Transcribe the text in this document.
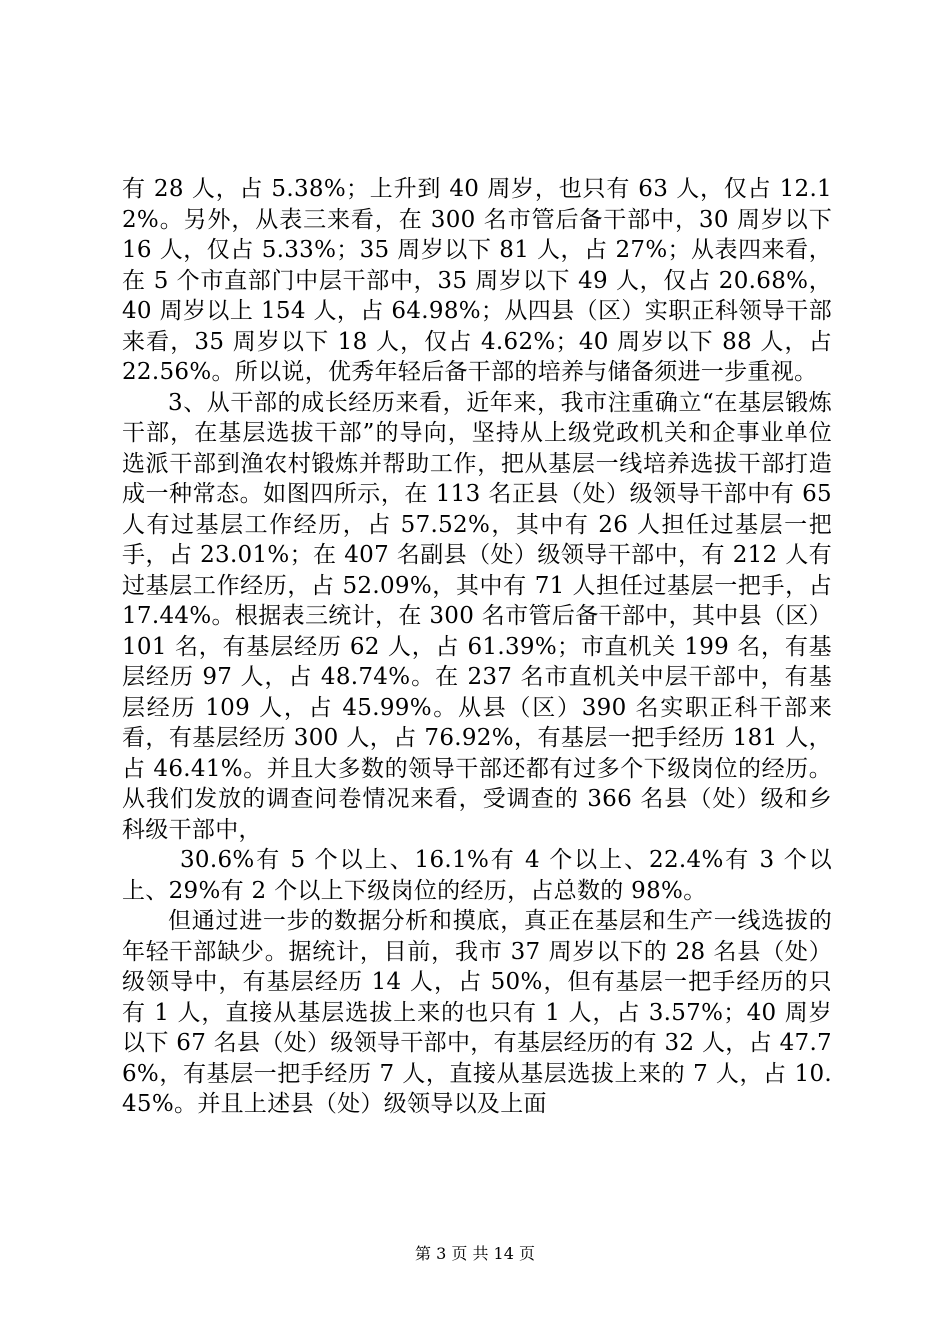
有 28 人，占 5.38%；上升到 40 周岁，也只有 63 人，仅占 12.12%。另外，从表三来看，在 300 名市管后备干部中，30 周岁以下 16 人，仅占 5.33%；35 周岁以下 81 人，占 27%；从表四来看，在 5 个市直部门中层干部中，35 周岁以下 49 人，仅占 20.68%，40 周岁以上 154 人，占 64.98%；从四县（区）实职正科领导干部来看，35 周岁以下 18 人，仅占 4.62%；40 周岁以下 88 人，占 22.56%。所以说，优秀年轻后备干部的培养与储备须进一步重视。

3、从干部的成长经历来看，近年来，我市注重确立“在基层锻炼干部，在基层选拔干部”的导向，坚持从上级党政机关和企事业单位选派干部到渔农村锻炼并帮助工作，把从基层一线培养选拔干部打造成一种常态。如图四所示，在 113 名正县（处）级领导干部中有 65 人有过基层工作经历，占 57.52%，其中有 26 人担任过基层一把手，占 23.01%；在 407 名副县（处）级领导干部中，有 212 人有过基层工作经历，占 52.09%，其中有 71 人担任过基层一把手，占 17.44%。根据表三统计，在 300 名市管后备干部中，其中县（区）101 名，有基层经历 62 人，占 61.39%；市直机关 199 名，有基层经历 97 人，占 48.74%。在 237 名市直机关中层干部中，有基层经历 109 人，占 45.99%。从县（区）390 名实职正科干部来看，有基层经历 300 人，占 76.92%，有基层一把手经历 181 人，占 46.41%。并且大多数的领导干部还都有过多个下级岗位的经历。从我们发放的调查问卷情况来看，受调查的 366 名县（处）级和乡科级干部中，

30.6%有 5 个以上、16.1%有 4 个以上、22.4%有 3 个以上、29%有 2 个以上下级岗位的经历，占总数的 98%。

但通过进一步的数据分析和摸底，真正在基层和生产一线选拔的年轻干部缺少。据统计，目前，我市 37 周岁以下的 28 名县（处）级领导中，有基层经历 14 人，占 50%，但有基层一把手经历的只有 1 人，直接从基层选拔上来的也只有 1 人，占 3.57%；40 周岁以下 67 名县（处）级领导干部中，有基层经历的有 32 人，占 47.76%，有基层一把手经历 7 人，直接从基层选拔上来的 7 人，占 10.45%。并且上述县（处）级领导以及上面

第 3 页 共 14 页
